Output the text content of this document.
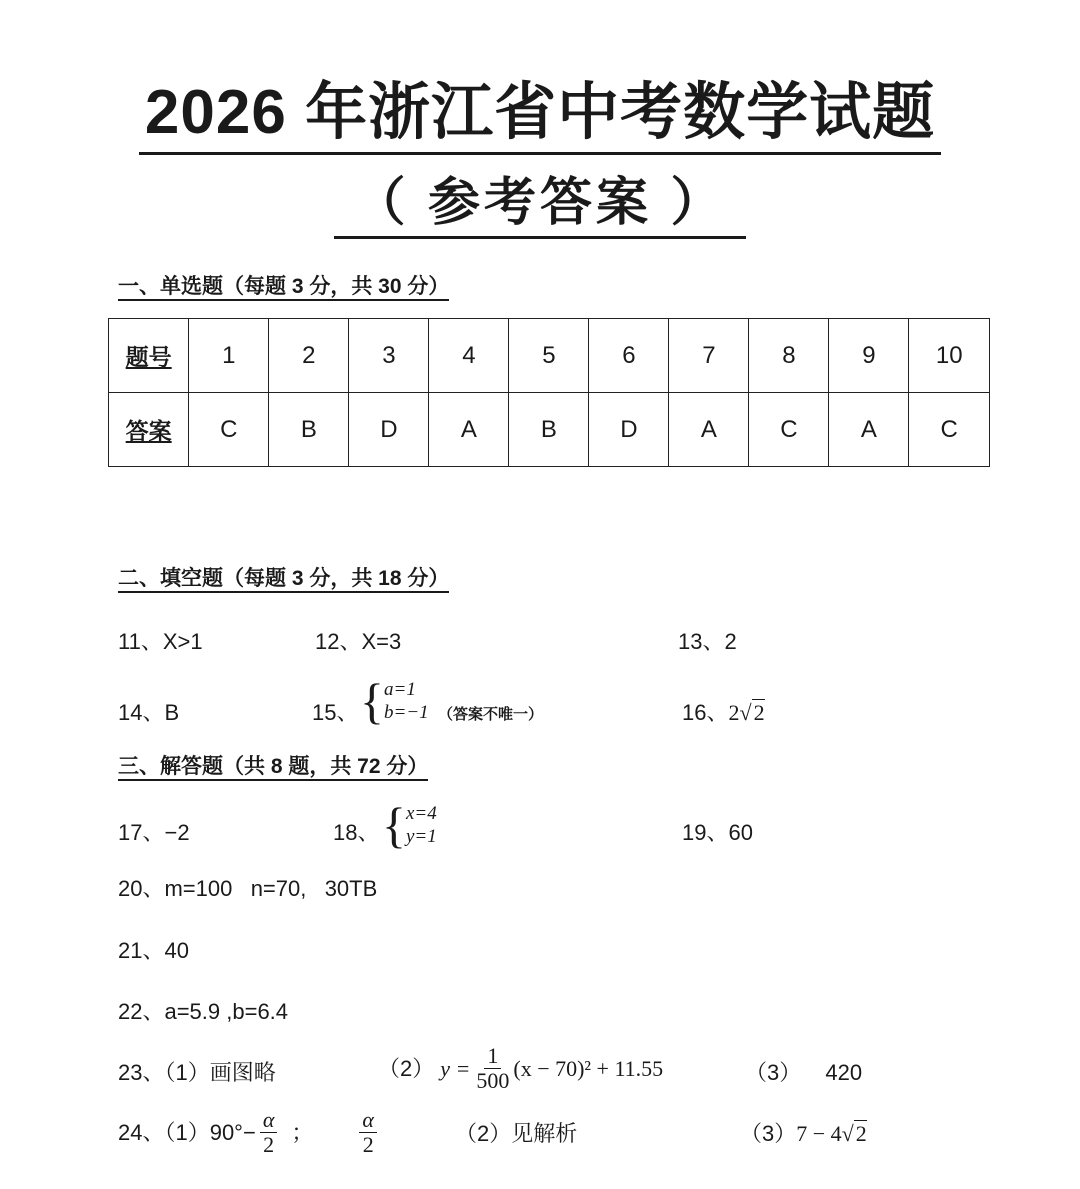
2026 年浙江省中考数学试题
（ 参考答案 ）
一、单选题（每题 3 分，共 30 分）
题号	1	2	3	4	5	6	7	8	9	10
答案	C	B	D	A	B	D	A	C	A	C
二、填空题（每题 3 分，共 18 分）
11、X>1	12、X=3	13、2
14、B	15、 { a=1
b=−1 （答案不唯一）	16、2√2
三、解答题（共 8 题，共 72 分）
17、−2	18、 { x=4
y=1	19、60
20、m=100   n=70,   30TB
21、40
22、a=5.9 ,b=6.4
23、（1）画图略	（2） $y = \frac{1}{500} (x - 70)^2 + 11.55$	（3） 420
24、$(1)90^\circ- \frac{\alpha}{2}$ ； $\frac{\alpha}{2}$	（2）见解析	（3）7 − 4√2
